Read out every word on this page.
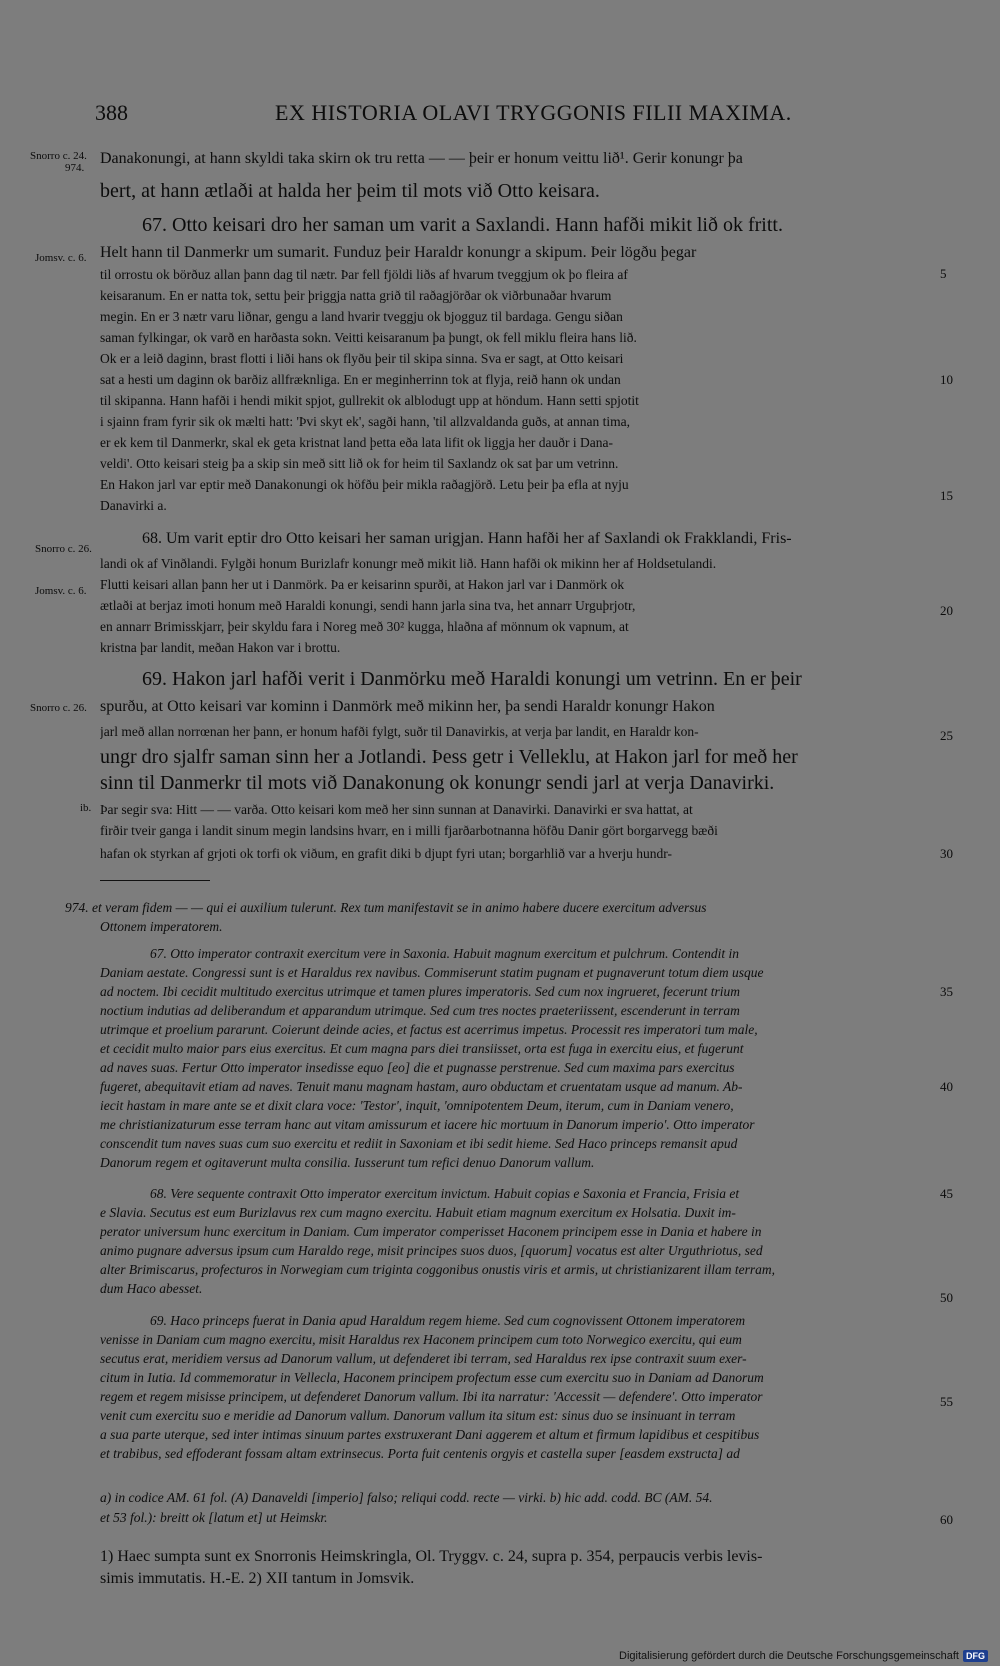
388	EX HISTORIA OLAVI TRYGGONIS FILII MAXIMA.
Snorro c. 24.
974.
Jomsv. c. 6.
Snorro c. 26.
Jomsv. c. 6.
Snorro c. 26.
ib.
Danakonungi, at hann skyldi taka skirn ok tru retta — — þeir er honum veittu lið¹. Gerir konungr þa
bert, at hann ætlaði at halda her þeim til mots við Otto keisara.
67. Otto keisari dro her saman um varit a Saxlandi. Hann hafði mikit lið ok fritt.
Helt hann til Danmerkr um sumarit. Funduz þeir Haraldr konungr a skipum. Þeir lögðu þegar
til orrostu ok börðuz allan þann dag til nætr. Þar fell fjöldi liðs af hvarum tveggjum ok þo fleira af
keisaranum. En er natta tok, settu þeir þriggja natta grið til raðagjörðar ok viðrbunaðar hvarum
megin. En er 3 nætr varu liðnar, gengu a land hvarir tveggju ok bjogguz til bardaga. Gengu siðan
saman fylkingar, ok varð en harðasta sokn. Veitti keisaranum þa þungt, ok fell miklu fleira hans lið.
Ok er a leið daginn, brast flotti i liði hans ok flyðu þeir til skipa sinna. Sva er sagt, at Otto keisari
sat a hesti um daginn ok barðiz allfræknliga. En er meginherrinn tok at flyja, reið hann ok undan
til skipanna. Hann hafði i hendi mikit spjot, gullrekit ok alblodugt upp at höndum. Hann setti spjotit
i sjainn fram fyrir sik ok mælti hatt: 'Þvi skyt ek', sagði hann, 'til allzvaldanda guðs, at annan tima,
er ek kem til Danmerkr, skal ek geta kristnat land þetta eða lata lifit ok liggja her dauðr i Dana-
veldi'. Otto keisari steig þa a skip sin með sitt lið ok for heim til Saxlandz ok sat þar um vetrinn.
En Hakon jarl var eptir með Danakonungi ok höfðu þeir mikla raðagjörð. Letu þeir þa efla at nyju
Danavirki a.
68. Um varit eptir dro Otto keisari her saman urigjan. Hann hafði her af Saxlandi ok Frakklandi, Fris-
landi ok af Vinðlandi. Fylgði honum Burizlafr konungr með mikit lið. Hann hafði ok mikinn her af Holdsetulandi.
Flutti keisari allan þann her ut i Danmörk. Þa er keisarinn spurði, at Hakon jarl var i Danmörk ok
ætlaði at berjaz imoti honum með Haraldi konungi, sendi hann jarla sina tva, het annarr Urguþrjotr,
en annarr Brimisskjarr, þeir skyldu fara i Noreg með 30² kugga, hlaðna af mönnum ok vapnum, at
kristna þar landit, meðan Hakon var i brottu.
69. Hakon jarl hafði verit i Danmörku með Haraldi konungi um vetrinn. En er þeir
spurðu, at Otto keisari var kominn i Danmörk með mikinn her, þa sendi Haraldr konungr Hakon
jarl með allan norrœnan her þann, er honum hafði fylgt, suðr til Danavirkis, at verja þar landit, en Haraldr kon-
ungr dro sjalfr saman sinn her a Jotlandi. Þess getr i Velleklu, at Hakon jarl for með her
sinn til Danmerkr til mots við Danakonung ok konungr sendi jarl at verja Danavirki.
Þar segir sva: Hitt — — varða. Otto keisari kom með her sinn sunnan at Danavirki. Danavirki er sva hattat, at
firðir tveir ganga i landit sinum megin landsins hvarr, en i milli fjarðarbotnanna höfðu Danir gört borgarvegg bæði
hafan ok styrkan af grjoti ok torfi ok viðum, en grafit diki b djupt fyri utan; borgarhlið var a hverju hundr-
974. et veram fidem — — qui ei auxilium tulerunt. Rex tum manifestavit se in animo habere ducere exercitum adversus
Ottonem imperatorem.
67. Otto imperator contraxit exercitum vere in Saxonia. Habuit magnum exercitum et pulchrum. Contendit in
Daniam aestate. Congressi sunt is et Haraldus rex navibus. Commiserunt statim pugnam et pugnaverunt totum diem usque
ad noctem. Ibi cecidit multitudo exercitus utrimque et tamen plures imperatoris. Sed cum nox ingrueret, fecerunt trium
noctium indutias ad deliberandum et apparandum utrimque. Sed cum tres noctes praeteriissent, escenderunt in terram
utrimque et proelium pararunt. Coierunt deinde acies, et factus est acerrimus impetus. Processit res imperatori tum male,
et cecidit multo maior pars eius exercitus. Et cum magna pars diei transiisset, orta est fuga in exercitu eius, et fugerunt
ad naves suas. Fertur Otto imperator insedisse equo [eo] die et pugnasse perstrenue. Sed cum maxima pars exercitus
fugeret, abequitavit etiam ad naves. Tenuit manu magnam hastam, auro obductam et cruentatam usque ad manum. Ab-
iecit hastam in mare ante se et dixit clara voce: 'Testor', inquit, 'omnipotentem Deum, iterum, cum in Daniam venero,
me christianizaturum esse terram hanc aut vitam amissurum et iacere hic mortuum in Danorum imperio'. Otto imperator
conscendit tum naves suas cum suo exercitu et rediit in Saxoniam et ibi sedit hieme. Sed Haco princeps remansit apud
Danorum regem et ogitaverunt multa consilia. Iusserunt tum refici denuo Danorum vallum.
68. Vere sequente contraxit Otto imperator exercitum invictum. Habuit copias e Saxonia et Francia, Frisia et
e Slavia. Secutus est eum Burizlavus rex cum magno exercitu. Habuit etiam magnum exercitum ex Holsatia. Duxit im-
perator universum hunc exercitum in Daniam. Cum imperator comperisset Haconem principem esse in Dania et habere in
animo pugnare adversus ipsum cum Haraldo rege, misit principes suos duos, [quorum] vocatus est alter Urguthriotus, sed
alter Brimiscarus, profecturos in Norwegiam cum triginta coggonibus onustis viris et armis, ut christianizarent illam terram,
dum Haco abesset.
69. Haco princeps fuerat in Dania apud Haraldum regem hieme. Sed cum cognovissent Ottonem imperatorem
venisse in Daniam cum magno exercitu, misit Haraldus rex Haconem principem cum toto Norwegico exercitu, qui eum
secutus erat, meridiem versus ad Danorum vallum, ut defenderet ibi terram, sed Haraldus rex ipse contraxit suum exer-
citum in Iutia. Id commemoratur in Vellecla, Haconem principem profectum esse cum exercitu suo in Daniam ad Danorum
regem et regem misisse principem, ut defenderet Danorum vallum. Ibi ita narratur: 'Accessit — defendere'. Otto imperator
venit cum exercitu suo e meridie ad Danorum vallum. Danorum vallum ita situm est: sinus duo se insinuant in terram
a sua parte uterque, sed inter intimas sinuum partes exstruxerant Dani aggerem et altum et firmum lapidibus et cespitibus
et trabibus, sed effoderant fossam altam extrinsecus. Porta fuit centenis orgyis et castella super [easdem exstructa] ad
a) in codice AM. 61 fol. (A) Danaveldi [imperio] falso; reliqui codd. recte — virki. b) hic add. codd. BC (AM. 54.
et 53 fol.): breitt ok [latum et] ut Heimskr.
1) Haec sumpta sunt ex Snorronis Heimskringla, Ol. Tryggv. c. 24, supra p. 354, perpaucis verbis levis-
simis immutatis. H.-E. 2) XII tantum in Jomsvik.
5
10
15
20
25
30
35
40
45
50
55
60
Digitalisierung gefördert durch die Deutsche Forschungsgemeinschaft DFG
